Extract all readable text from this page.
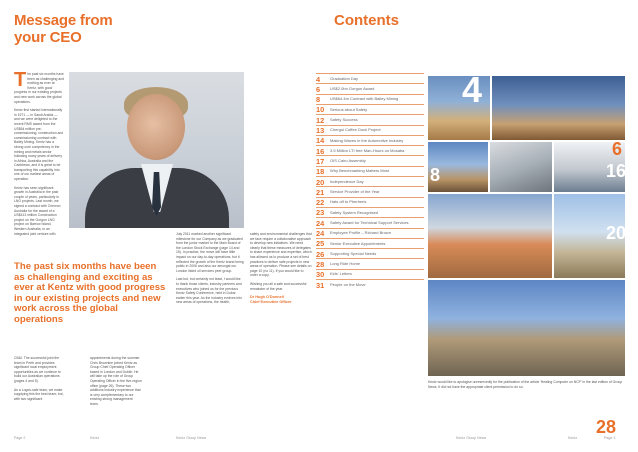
Message from
your CEO
T he past six months have been as challenging and exciting as ever at Kentz, with good progress in our existing projects and new work across the global operations.

Kentz first started internationally in 1971 — in Saudi Arabia — and we were delighted to the recent RMS award from the US$64 million pre-commissioning, construction and commissioning contract with Bailey Mining. Kentz has a strong core competency in the mining and metals sector following many years of delivery in Africa, Australia and the Caribbean, and it is great to be transporting this capability into one of our earliest areas of operation.

Kentz has seen significant growth in Australia in the past couple of years, particularly in LNG projects. Last month, we signed a contract with Chevron Australia for the award of a US$413 million Construction project on the Gorgon LNG project on Barrow Island, Western Australia, in an integrated joint venture with

The past six months have been as challenging and exciting as ever at Kentz with good progress in our existing projects and new work across the global operations

CB&I. The successful joint the team in Perth and provides significant local employment opportunities as we continue to build our Australian operations (pages 4 and 5).

As a Logos-safe team, we make supplying this the best team; but, with two significant

appointments during the summer. Chris Brownlee joined Kentz as Group Chief Operating Officer based in London and Dublin. He will take up the role of Group Operating Officer in the five-region office (page 26). These two additions industry experience that is very complementary to our existing strong management team.

July 2011 marked another significant milestone for our Company as we graduated from the junior market to the Main Board of the London Stock Exchange (page 14 and 15). In practice, the move will have little impact on our day-to-day operations, but it reflected the growth of the Kentz brand being public in 2006 and also our amongst our London listed oil services peer group.

Last but, but certainly not least, I would like to thank those clients, industry partners and executives who joined us for the previous Kentz Safety Conference, held in Dubai earlier this year. As the industry evolves into new areas of operations, the health,

safety and environmental challenges that we face require a collaborative approach to develop new initiatives. We need clearly that these measures of delegates to share experience and expertise, which has allowed us to produce a set of best practices to deliver safe projects in new areas of operation. Please see details on page 10 (no 11). If you would like to order a copy.

Wishing you all a safe and successful remainder of the year.

Dr Hugh O'Donnell
Chief Executive Officer
Page 2	Kentz	Kentz Group News
Contents
4	Graduation Day
6	US$2.0bn Gorgon Award
8	US$64.4m Contract with Bailey Mining
10	Serious about Safety
12	Safety Success
13	Chergui Coffee Dock Project
14	Making Waves in the Automotive Industry
16	3.5 Million LTI free Man-Hours on Mosaba
17	OIS Cairo Assembly
18	Why Benchmarking Matters Most
20	Independence Day
21	Service Provider of the Year
22	Hats off to Pherheris
23	Safety System Recognised
24	Safety Award for Technical Support Services
24	Employee Profile – Richard Brown
25	Senior Executive Appointments
26	Supporting Special Needs
28	Long Ride Home
30	Kids' Letters
31	People on the Move
4
6
8	16
20
28
Kentz would like to apologise unreservedly for the publication of the article 'Healing Computer on NCP' in the last edition of Group News. It did not have the appropriate client permission to do so.
Kentz Group News	Kentz	Page 3
